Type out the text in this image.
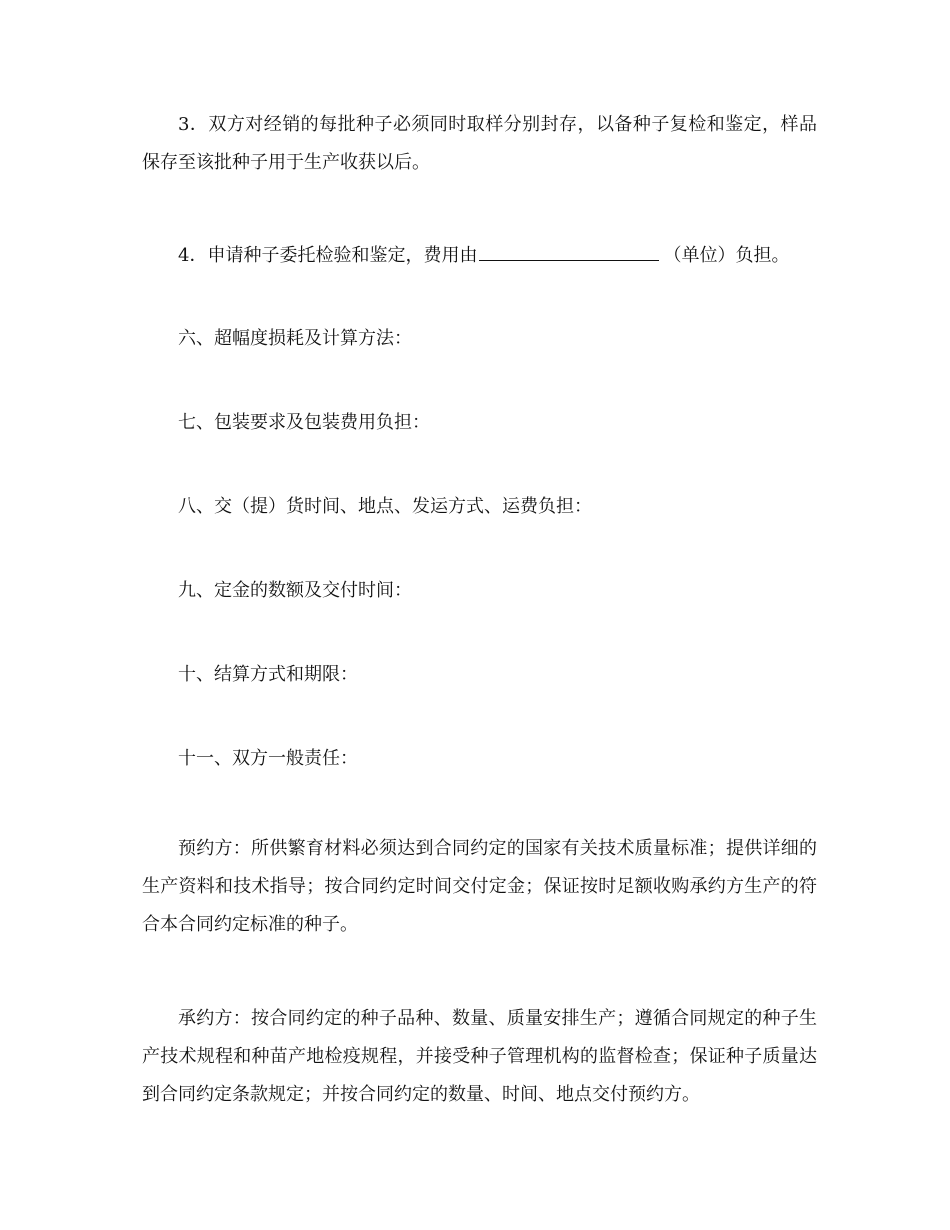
3．双方对经销的每批种子必须同时取样分别封存，以备种子复检和鉴定，样品保存至该批种子用于生产收获以后。
4．申请种子委托检验和鉴定，费用由	（单位）负担。
六、超幅度损耗及计算方法：
七、包装要求及包装费用负担：
八、交（提）货时间、地点、发运方式、运费负担：
九、定金的数额及交付时间：
十、结算方式和期限：
十一、双方一般责任：
预约方：所供繁育材料必须达到合同约定的国家有关技术质量标准；提供详细的生产资料和技术指导；按合同约定时间交付定金；保证按时足额收购承约方生产的符合本合同约定标准的种子。
承约方：按合同约定的种子品种、数量、质量安排生产；遵循合同规定的种子生产技术规程和种苗产地检疫规程，并接受种子管理机构的监督检查；保证种子质量达到合同约定条款规定；并按合同约定的数量、时间、地点交付预约方。
